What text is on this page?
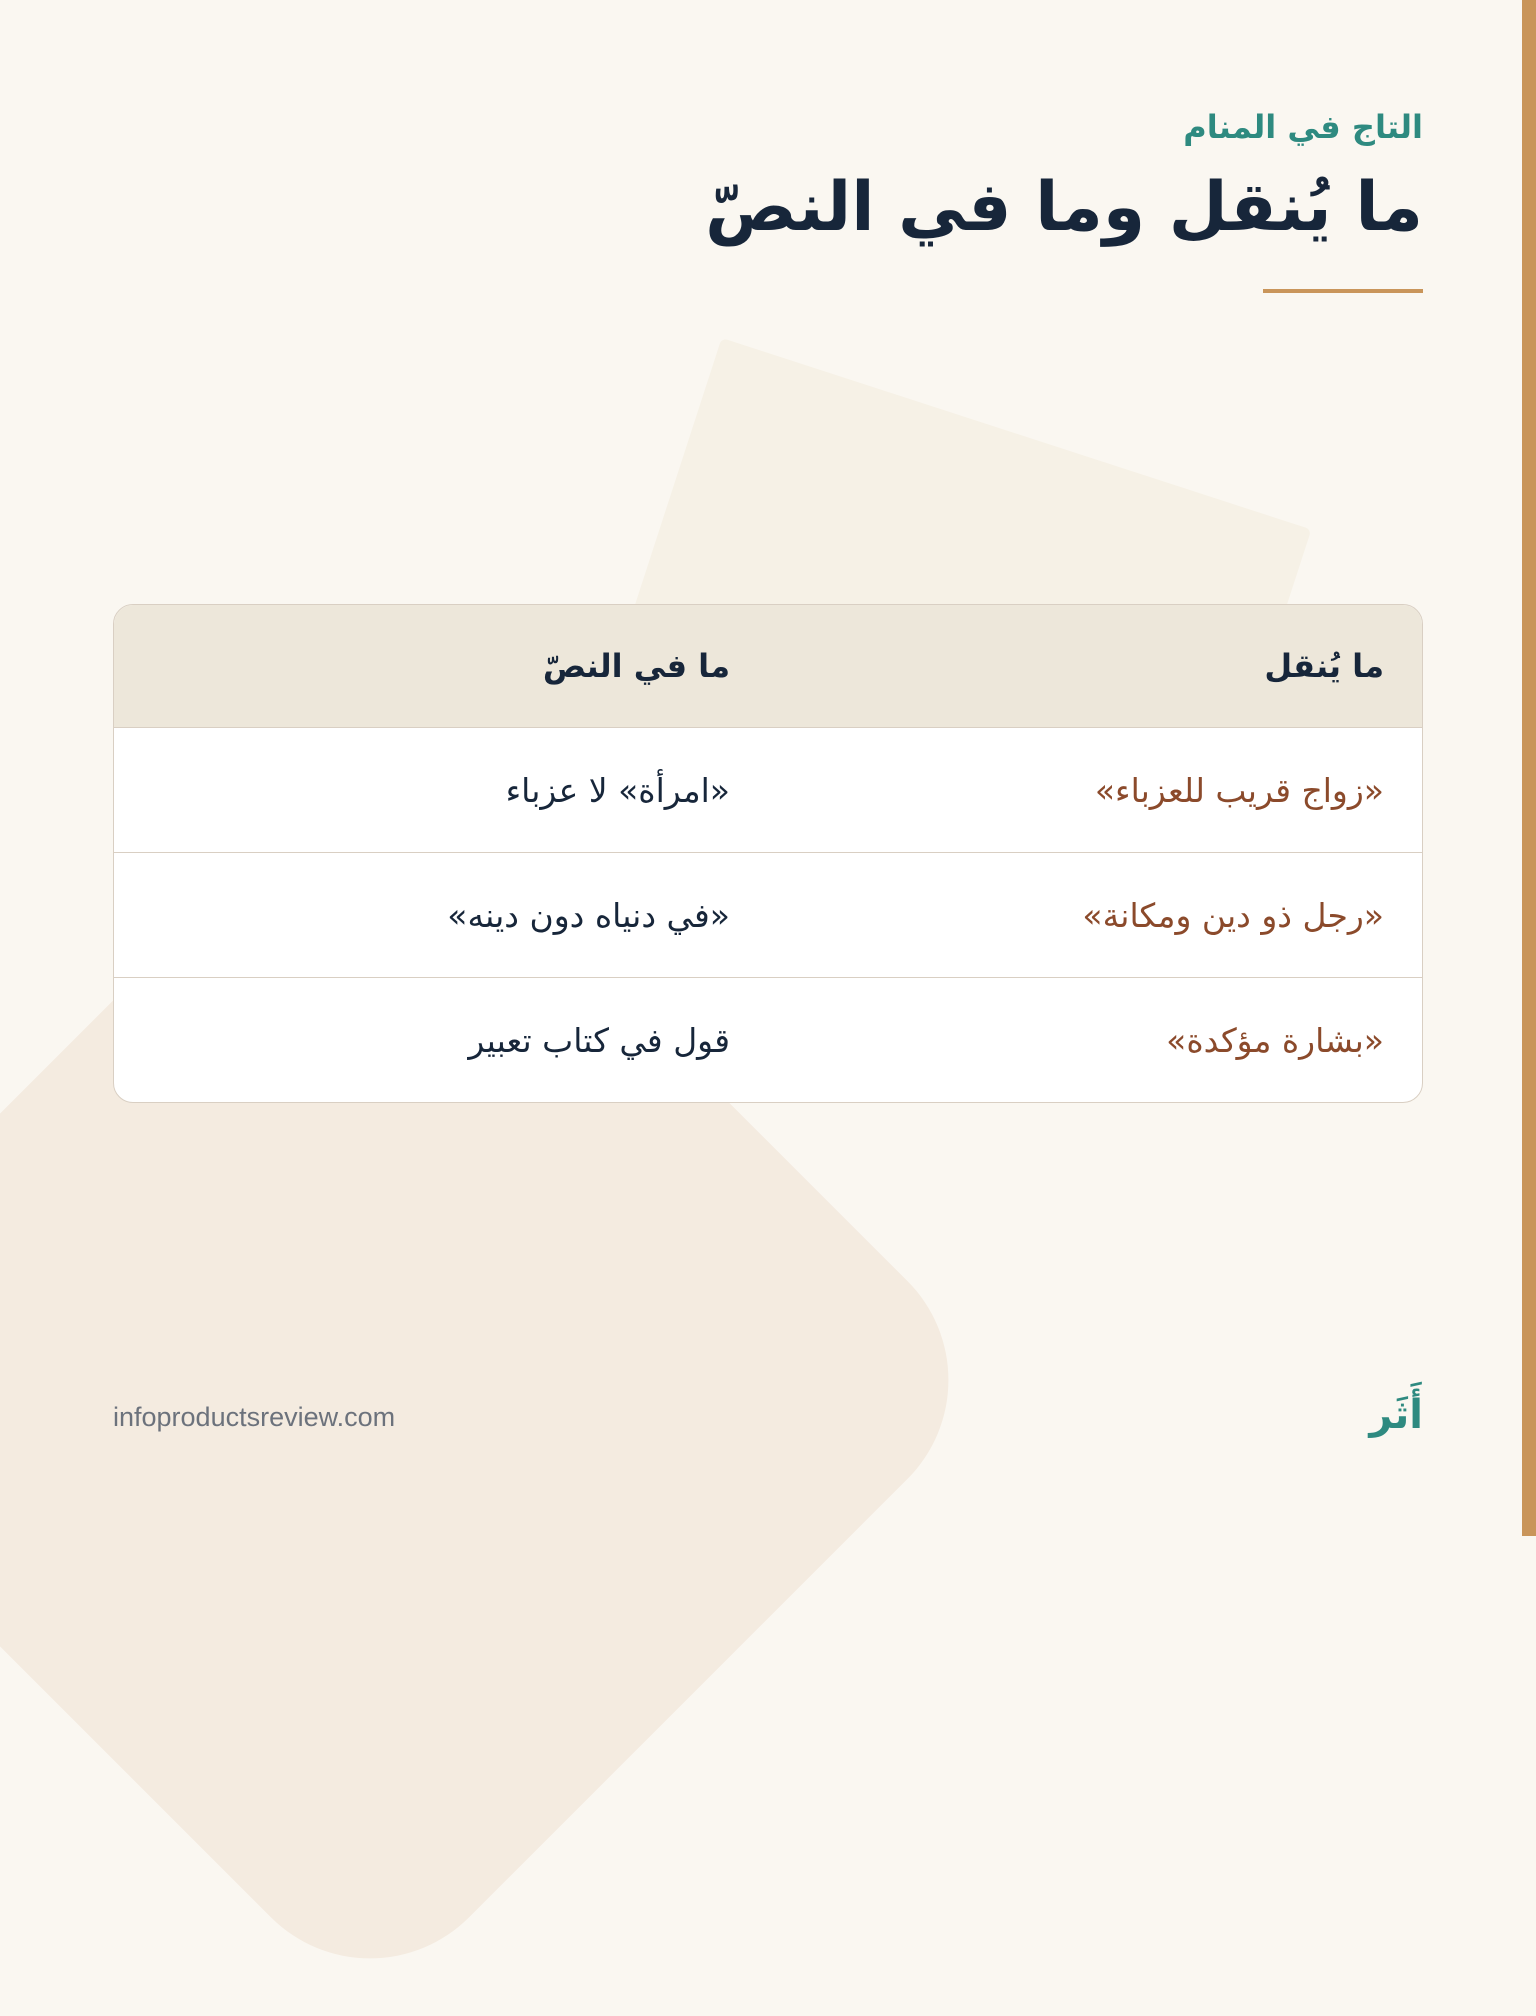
التاج في المنام
ما يُنقل وما في النصّ
ما يُنقل
ما في النصّ
«زواج قريب للعزباء»
«امرأة» لا عزباء
«رجل ذو دين ومكانة»
«في دنياه دون دينه»
«بشارة مؤكدة»
قول في كتاب تعبير
infoproductsreview.com	أَثَر
